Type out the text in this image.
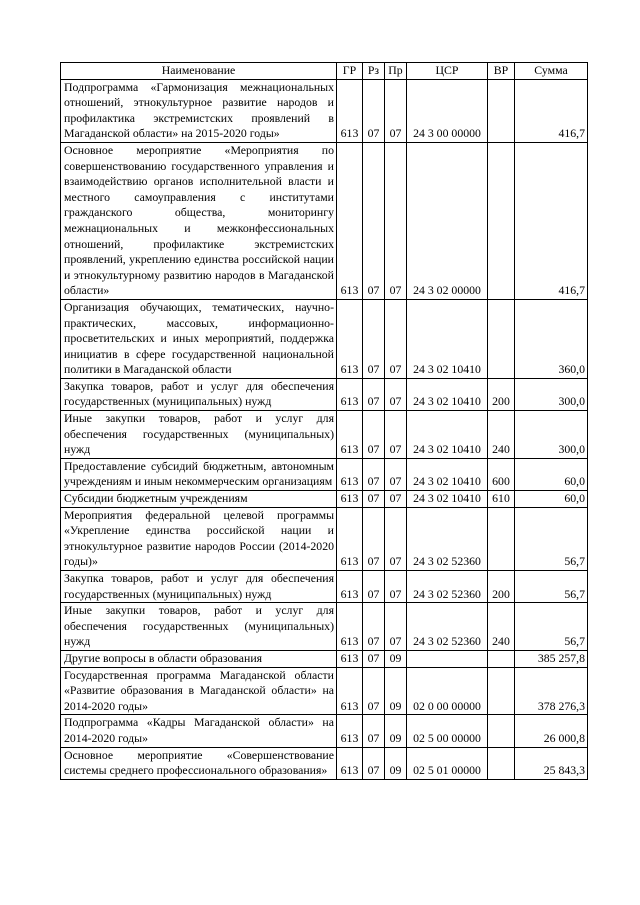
Наименование	ГР	Рз	Пр	ЦСР	ВР	Сумма
Подпрограмма «Гармонизация межнациональных отношений, этнокультурное развитие народов и профилактика экстремистских проявлений в Магаданской области» на 2015-2020 годы»	613	07	07	24 3 00 00000		416,7
Основное мероприятие «Мероприятия по совершенствованию государственного управления и взаимодействию органов исполнительной власти и местного самоуправления с институтами гражданского общества, мониторингу межнациональных и межконфессиональных отношений, профилактике экстремистских проявлений, укреплению единства российской нации и этнокультурному развитию народов в Магаданской области»	613	07	07	24 3 02 00000		416,7
Организация обучающих, тематических, научно-практических, массовых, информационно-просветительских и иных мероприятий, поддержка инициатив в сфере государственной национальной политики в Магаданской области	613	07	07	24 3 02 10410		360,0
Закупка товаров, работ и услуг для обеспечения государственных (муниципальных) нужд	613	07	07	24 3 02 10410	200	300,0
Иные закупки товаров, работ и услуг для обеспечения государственных (муниципальных) нужд	613	07	07	24 3 02 10410	240	300,0
Предоставление субсидий бюджетным, автономным учреждениям и иным некоммерческим организациям	613	07	07	24 3 02 10410	600	60,0
Субсидии бюджетным учреждениям	613	07	07	24 3 02 10410	610	60,0
Мероприятия федеральной целевой программы «Укрепление единства российской нации и этнокультурное развитие народов России (2014-2020 годы)»	613	07	07	24 3 02 52360		56,7
Закупка товаров, работ и услуг для обеспечения государственных (муниципальных) нужд	613	07	07	24 3 02 52360	200	56,7
Иные закупки товаров, работ и услуг для обеспечения государственных (муниципальных) нужд	613	07	07	24 3 02 52360	240	56,7
Другие вопросы в области образования	613	07	09			385 257,8
Государственная программа Магаданской области «Развитие образования в Магаданской области» на 2014-2020 годы»	613	07	09	02 0 00 00000		378 276,3
Подпрограмма «Кадры Магаданской области» на 2014-2020 годы»	613	07	09	02 5 00 00000		26 000,8
Основное мероприятие «Совершенствование системы среднего профессионального образования»	613	07	09	02 5 01 00000		25 843,3
